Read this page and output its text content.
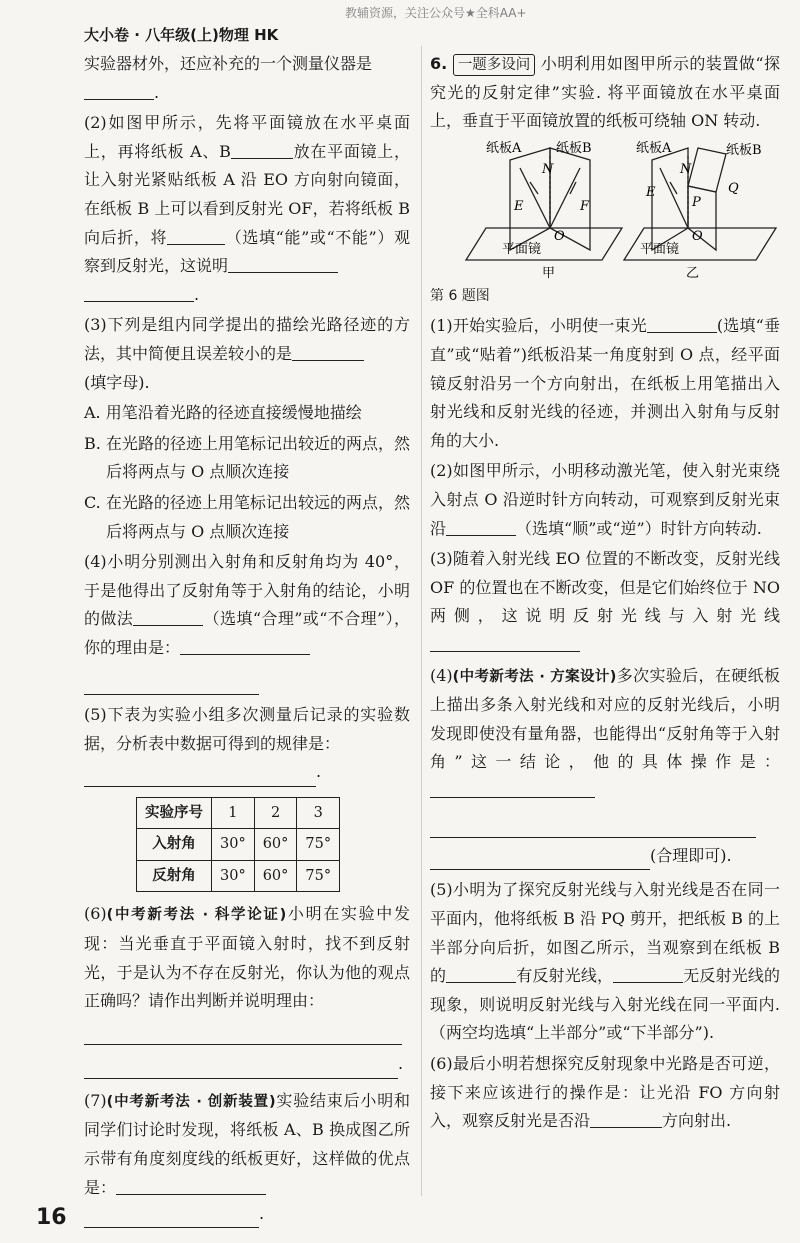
教辅资源，关注公众号★全科AA+
大小卷 · 八年级(上)物理 HK

实验器材外，还应补充的一个测量仪器是
.

(2)如图甲所示，先将平面镜放在水平桌面上，再将纸板 A、B	放在平面镜上，让入射光紧贴纸板 A 沿 EO 方向射向镜面，在纸板 B 上可以看到反射光 OF，若将纸板 B 向后折，将	（选填“能”或“不能”）观察到反射光，这说明
.

(3)下列是组内同学提出的描绘光路径迹的方法，其中简便且误差较小的是
(填字母).

A. 用笔沿着光路的径迹直接缓慢地描绘

B. 在光路的径迹上用笔标记出较近的两点，然后将两点与 O 点顺次连接

C. 在光路的径迹上用笔标记出较远的两点，然后将两点与 O 点顺次连接

(4)小明分别测出入射角和反射角均为 40°，于是他得出了反射角等于入射角的结论，小明的做法	（选填“合理”或“不合理”），你的理由是：

(5)下表为实验小组多次测量后记录的实验数据，分析表中数据可得到的规律是：

.
实验序号	1	2	3
入射角	30°	60°	75°
反射角	30°	60°	75°

(6)(中考新考法 · 科学论证)小明在实验中发现：当光垂直于平面镜入射时，找不到反射光，于是认为不存在反射光，你认为他的观点正确吗？请作出判断并说明理由：

.

(7)(中考新考法 · 创新装置)实验结束后小明和同学们讨论时发现，将纸板 A、B 换成图乙所示带有角度刻度线的纸板更好，这样做的优点是：

.

6. 一题多设问 小明利用如图甲所示的装置做“探究光的反射定律”实验. 将平面镜放在水平桌面上，垂直于平面镜放置的纸板可绕轴 ON 转动.

纸板A	纸板B
E
N
F
O
平面镜
甲
纸板A	纸板B
E
N
P
Q
O
平面镜
乙

第 6 题图

(1)开始实验后，小明使一束光	(选填“垂直”或“贴着”)纸板沿某一角度射到 O 点，经平面镜反射沿另一个方向射出，在纸板上用笔描出入射光线和反射光线的径迹，并测出入射角与反射角的大小.

(2)如图甲所示，小明移动激光笔，使入射光束绕入射点 O 沿逆时针方向转动，可观察到反射光束沿	（选填“顺”或“逆”）时针方向转动.

(3)随着入射光线 EO 位置的不断改变，反射光线 OF 的位置也在不断改变，但是它们始终位于 NO 两侧，这说明反射光线与入射光线

(4)(中考新考法 · 方案设计)多次实验后，在硬纸板上描出多条入射光线和对应的反射光线后，小明发现即使没有量角器，也能得出“反射角等于入射角”这一结论，他的具体操作是：

(合理即可).

(5)小明为了探究反射光线与入射光线是否在同一平面内，他将纸板 B 沿 PQ 剪开，把纸板 B 的上半部分向后折，如图乙所示，当观察到在纸板 B 的	有反射光线，	无反射光线的现象，则说明反射光线与入射光线在同一平面内.（两空均选填“上半部分”或“下半部分”).

(6)最后小明若想探究反射现象中光路是否可逆，接下来应该进行的操作是：让光沿 FO 方向射入，观察反射光是否沿	方向射出.

16
